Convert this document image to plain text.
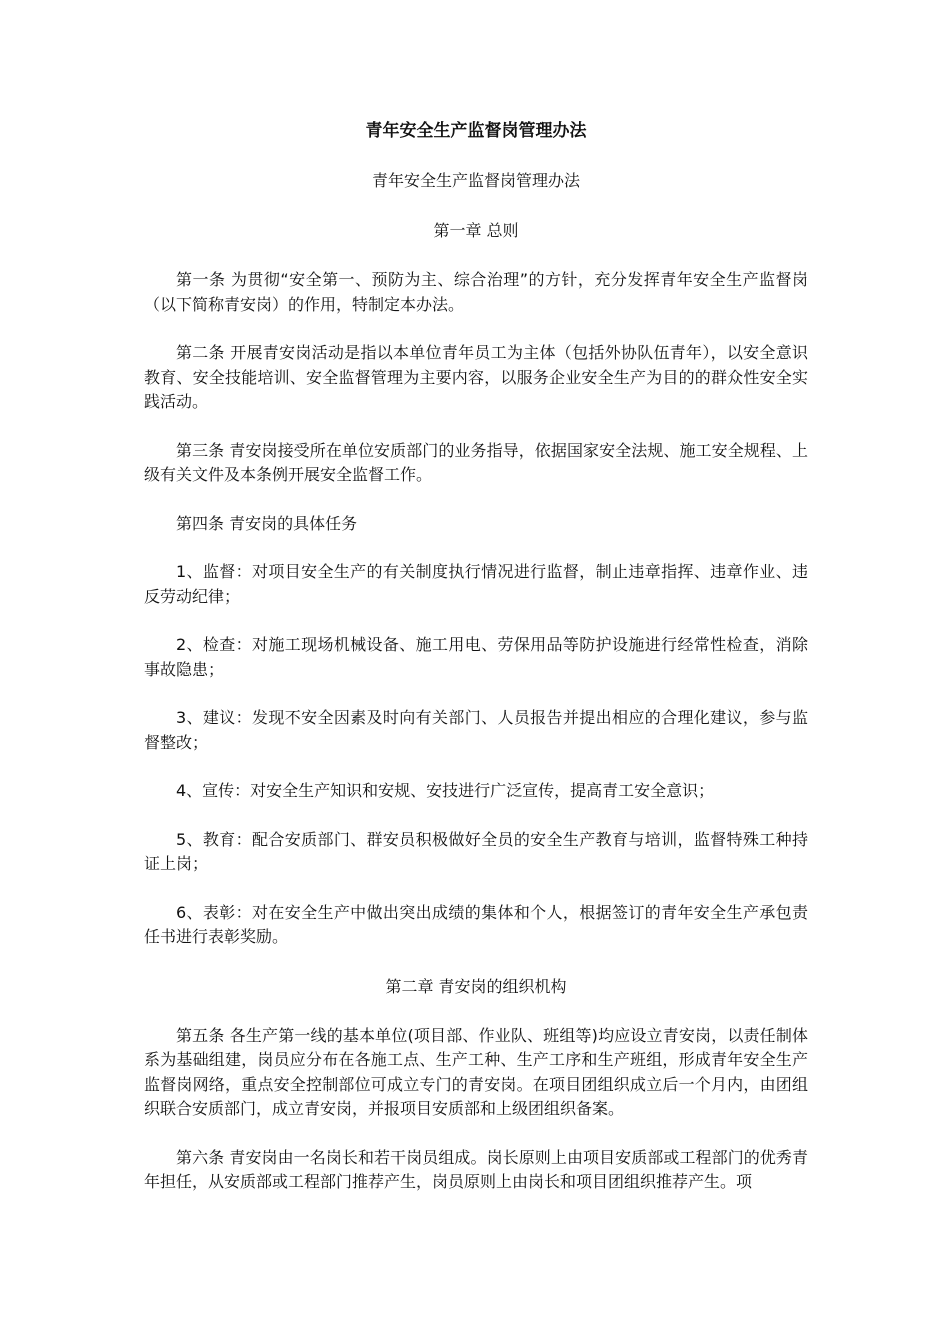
青年安全生产监督岗管理办法
青年安全生产监督岗管理办法
第一章 总则

第一条 为贯彻“安全第一、预防为主、综合治理”的方针，充分发挥青年安全生产监督岗（以下简称青安岗）的作用，特制定本办法。

第二条 开展青安岗活动是指以本单位青年员工为主体（包括外协队伍青年），以安全意识教育、安全技能培训、安全监督管理为主要内容，以服务企业安全生产为目的的群众性安全实践活动。

第三条 青安岗接受所在单位安质部门的业务指导，依据国家安全法规、施工安全规程、上级有关文件及本条例开展安全监督工作。

第四条 青安岗的具体任务

1、监督：对项目安全生产的有关制度执行情况进行监督，制止违章指挥、违章作业、违反劳动纪律；

2、检查：对施工现场机械设备、施工用电、劳保用品等防护设施进行经常性检查，消除事故隐患；

3、建议：发现不安全因素及时向有关部门、人员报告并提出相应的合理化建议，参与监督整改；

4、宣传：对安全生产知识和安规、安技进行广泛宣传，提高青工安全意识；

5、教育：配合安质部门、群安员积极做好全员的安全生产教育与培训，监督特殊工种持证上岗；

6、表彰：对在安全生产中做出突出成绩的集体和个人，根据签订的青年安全生产承包责任书进行表彰奖励。

第二章 青安岗的组织机构

第五条 各生产第一线的基本单位(项目部、作业队、班组等)均应设立青安岗，以责任制体系为基础组建，岗员应分布在各施工点、生产工种、生产工序和生产班组，形成青年安全生产监督岗网络，重点安全控制部位可成立专门的青安岗。在项目团组织成立后一个月内，由团组织联合安质部门，成立青安岗，并报项目安质部和上级团组织备案。

第六条 青安岗由一名岗长和若干岗员组成。岗长原则上由项目安质部或工程部门的优秀青年担任，从安质部或工程部门推荐产生，岗员原则上由岗长和项目团组织推荐产生。项
